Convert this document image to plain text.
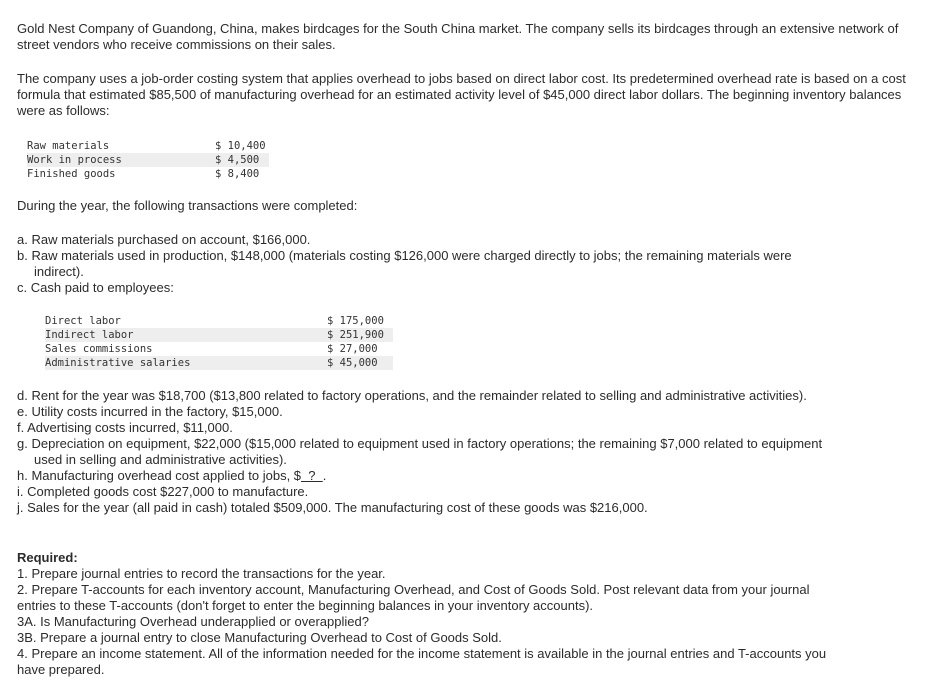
Gold Nest Company of Guandong, China, makes birdcages for the South China market. The company sells its birdcages through an extensive network of street vendors who receive commissions on their sales.

The company uses a job-order costing system that applies overhead to jobs based on direct labor cost. Its predetermined overhead rate is based on a cost formula that estimated $85,500 of manufacturing overhead for an estimated activity level of $45,000 direct labor dollars. The beginning inventory balances were as follows:

Raw materials	$ 10,400
Work in process	$ 4,500
Finished goods	$ 8,400

During the year, the following transactions were completed:

a. Raw materials purchased on account, $166,000.
b. Raw materials used in production, $148,000 (materials costing $126,000 were charged directly to jobs; the remaining materials were indirect).
c. Cash paid to employees:
Direct labor	$ 175,000
Indirect labor	$ 251,900
Sales commissions	$ 27,000
Administrative salaries	$ 45,000
d. Rent for the year was $18,700 ($13,800 related to factory operations, and the remainder related to selling and administrative activities).
e. Utility costs incurred in the factory, $15,000.
f. Advertising costs incurred, $11,000.
g. Depreciation on equipment, $22,000 ($15,000 related to equipment used in factory operations; the remaining $7,000 related to equipment used in selling and administrative activities).
h. Manufacturing overhead cost applied to jobs, $  ?  .
i. Completed goods cost $227,000 to manufacture.
j. Sales for the year (all paid in cash) totaled $509,000. The manufacturing cost of these goods was $216,000.

Required:

1. Prepare journal entries to record the transactions for the year.

2. Prepare T-accounts for each inventory account, Manufacturing Overhead, and Cost of Goods Sold. Post relevant data from your journal entries to these T-accounts (don't forget to enter the beginning balances in your inventory accounts).

3A. Is Manufacturing Overhead underapplied or overapplied?

3B. Prepare a journal entry to close Manufacturing Overhead to Cost of Goods Sold.

4. Prepare an income statement. All of the information needed for the income statement is available in the journal entries and T-accounts you have prepared.
